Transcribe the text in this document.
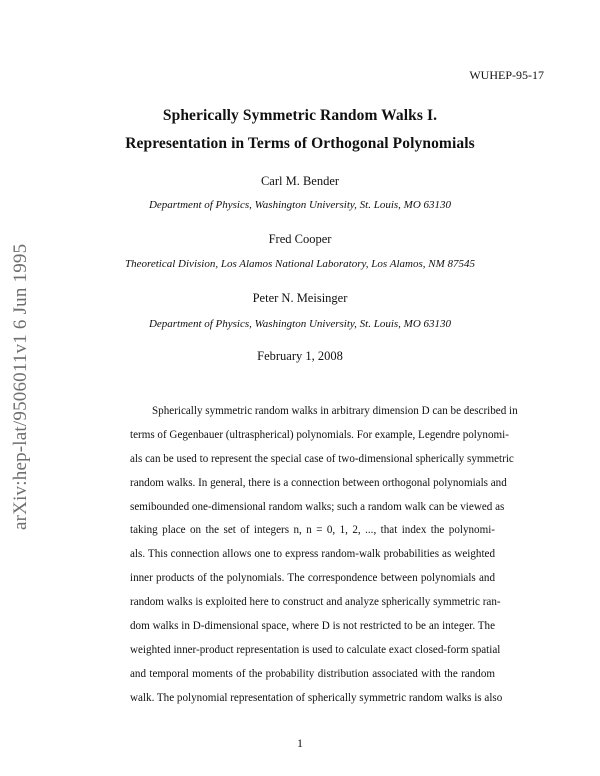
WUHEP-95-17
Spherically Symmetric Random Walks I.
Representation in Terms of Orthogonal Polynomials
Carl M. Bender
Department of Physics, Washington University, St. Louis, MO 63130
Fred Cooper
Theoretical Division, Los Alamos National Laboratory, Los Alamos, NM 87545
Peter N. Meisinger
Department of Physics, Washington University, St. Louis, MO 63130
February 1, 2008
Spherically symmetric random walks in arbitrary dimension D can be described in
terms of Gegenbauer (ultraspherical) polynomials. For example, Legendre polynomi-
als can be used to represent the special case of two-dimensional spherically symmetric
random walks. In general, there is a connection between orthogonal polynomials and
semibounded one-dimensional random walks; such a random walk can be viewed as
taking place on the set of integers n, n = 0, 1, 2, ..., that index the polynomi-
als. This connection allows one to express random-walk probabilities as weighted
inner products of the polynomials. The correspondence between polynomials and
random walks is exploited here to construct and analyze spherically symmetric ran-
dom walks in D-dimensional space, where D is not restricted to be an integer. The
weighted inner-product representation is used to calculate exact closed-form spatial
and temporal moments of the probability distribution associated with the random
walk. The polynomial representation of spherically symmetric random walks is also
arXiv:hep-lat/9506011v1 6 Jun 1995
1
